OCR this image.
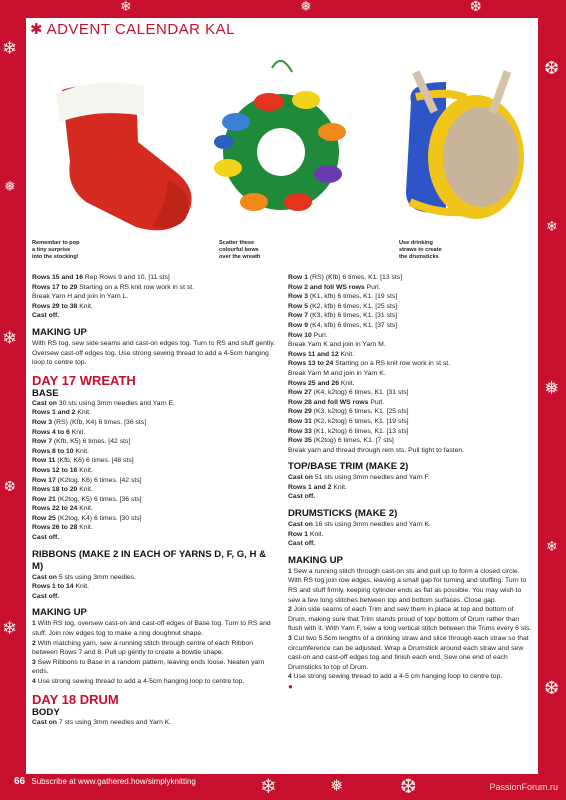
❄
❅
❄
❆
❄
❆
❄
❅
❄
❆
❄	❅	❆
❄	❅	❆
✱ ADVENT CALENDAR KAL
Remember to pop
a tiny surprise
into the stocking!
Scatter these
colourful bows
over the wreath
Use drinking
straws to create
the drumsticks

Rows 15 and 16 Rep Rows 9 and 10. [11 sts]

Rows 17 to 29 Starting on a RS knit row work in st st.

Break Yarn H and join in Yarn L.

Rows 29 to 38 Knit.

Cast off.

MAKING UP

With RS tog, sew side seams and cast-on edges tog. Turn to RS and stuff gently. Oversew cast-off edges tog. Use strong sewing thread to add a 4-5cm hanging loop to centre top.

DAY 17 WREATH
BASE

Cast on 30 sts using 3mm needles and Yarn E.

Rows 1 and 2 Knit.

Row 3 (RS) (Kfb, K4) 6 times. [36 sts]

Rows 4 to 6 Knit.

Row 7 (Kfb, K5) 6 times. [42 sts]

Rows 8 to 10 Knit.

Row 11 (Kfb, K6) 6 times. [48 sts]

Rows 12 to 16 Knit.

Row 17 (K2tog, K6) 6 times. [42 sts]

Rows 18 to 20 Knit.

Row 21 (K2tog, K5) 6 times. [36 sts]

Rows 22 to 24 Knit.

Row 25 (K2tog, K4) 6 times. [30 sts]

Rows 26 to 28 Knit.

Cast off.

RIBBONS (MAKE 2 IN EACH OF YARNS D, F, G, H & M)

Cast on 5 sts using 3mm needles.

Rows 1 to 14 Knit.

Cast off.

MAKING UP

1 With RS tog, oversew cast-on and cast-off edges of Base tog. Turn to RS and stuff. Join row edges tog to make a ring doughnut shape.

2 With matching yarn, sew a running stitch through centre of each Ribbon between Rows 7 and 8. Pull up gently to create a bowtie shape.

3 Sew Ribbons to Base in a random pattern, leaving ends loose. Neaten yarn ends.

4 Use strong sewing thread to add a 4-5cm hanging loop to centre top.

DAY 18 DRUM
BODY

Cast on 7 sts using 3mm needles and Yarn K.

Row 1 (RS) (Kfb) 6 times, K1. [13 sts]

Row 2 and foll WS rows Purl.

Row 3 (K1, kfb) 6 times, K1. [19 sts]

Row 5 (K2, kfb) 6 times, K1. [25 sts]

Row 7 (K3, kfb) 6 times, K1. [31 sts]

Row 9 (K4, kfb) 6 times, K1. [37 sts]

Row 10 Purl.

Break Yarn K and join in Yarn M.

Rows 11 and 12 Knit.

Rows 13 to 24 Starting on a RS knit row work in st st.

Break Yarn M and join in Yarn K.

Rows 25 and 26 Knit.

Row 27 (K4, k2tog) 6 times, K1. [31 sts]

Row 28 and foll WS rows Purl.

Row 29 (K3, k2tog) 6 times, K1. [25 sts]

Row 31 (K2, k2tog) 6 times, K1. [19 sts]

Row 33 (K1, k2tog) 6 times, K1. [13 sts]

Row 35 (K2tog) 6 times, K1. [7 sts]

Break yarn and thread through rem sts. Pull tight to fasten.

TOP/BASE TRIM (MAKE 2)

Cast on 51 sts using 3mm needles and Yarn F.

Rows 1 and 2 Knit.

Cast off.

DRUMSTICKS (MAKE 2)

Cast on 16 sts using 3mm needles and Yarn K.

Row 1 Knit.

Cast off.

MAKING UP

1 Sew a running stitch through cast-on sts and pull up to form a closed circle. With RS tog join row edges, leaving a small gap for turning and stuffing. Turn to RS and stuff firmly, keeping cylinder ends as flat as possible. You may wish to sew a few long stitches between top and bottom surfaces. Close gap.

2 Join side seams of each Trim and sew them in place at top and bottom of Drum, making sure that Trim stands proud of top/ bottom of Drum rather than flush with it. With Yarn F, sew a long vertical stitch between the Trims every 6 sts.

3 Cut two 5.5cm lengths of a drinking straw and slice through each straw so that circumference can be adjusted. Wrap a Drumstick around each straw and sew cast-on and cast-off edges tog and finish each end. Sew one end of each Drumsticks to top of Drum.

4 Use strong sewing thread to add a 4-5 cm hanging loop to centre top.

●
66 Subscribe at www.gathered.how/simplyknitting
PassionForum.ru
